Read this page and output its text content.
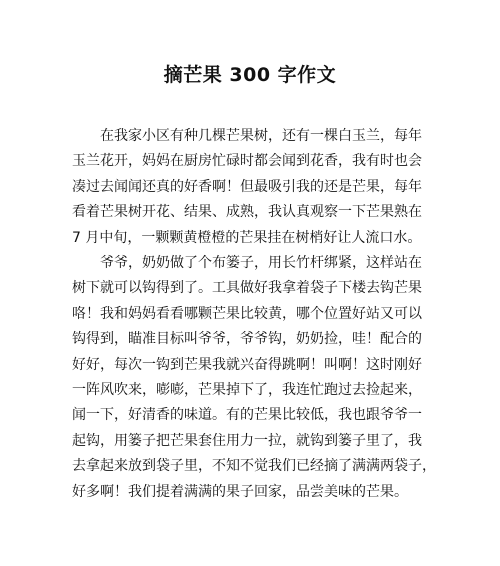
摘芒果 300 字作文
在我家小区有种几棵芒果树，还有一棵白玉兰，每年
玉兰花开，妈妈在厨房忙碌时都会闻到花香，我有时也会
凑过去闻闻还真的好香啊！但最吸引我的还是芒果，每年
看着芒果树开花、结果、成熟，我认真观察一下芒果熟在
7 月中旬，一颗颗黄橙橙的芒果挂在树梢好让人流口水。
爷爷，奶奶做了个布篓子，用长竹杆绑紧，这样站在
树下就可以钩得到了。工具做好我拿着袋子下楼去钩芒果
咯！我和妈妈看看哪颗芒果比较黄，哪个位置好站又可以
钩得到，瞄准目标叫爷爷，爷爷钩，奶奶捡，哇！配合的
好好，每次一钩到芒果我就兴奋得跳啊！叫啊！这时刚好
一阵风吹来，嘭嘭，芒果掉下了，我连忙跑过去捡起来，
闻一下，好清香的味道。有的芒果比较低，我也跟爷爷一
起钩，用篓子把芒果套住用力一拉，就钩到篓子里了，我
去拿起来放到袋子里，不知不觉我们已经摘了满满两袋子，
好多啊！我们提着满满的果子回家，品尝美味的芒果。
